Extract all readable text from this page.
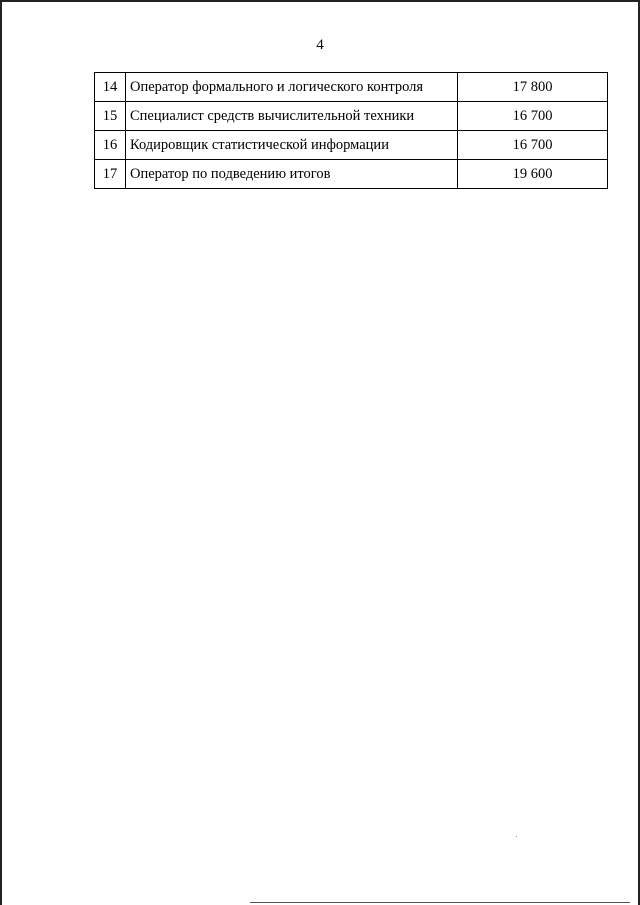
4
14	Оператор формального и логического контроля	17 800
15	Специалист средств вычислительной техники	16 700
16	Кодировщик статистической информации	16 700
17	Оператор по подведению итогов	19 600
